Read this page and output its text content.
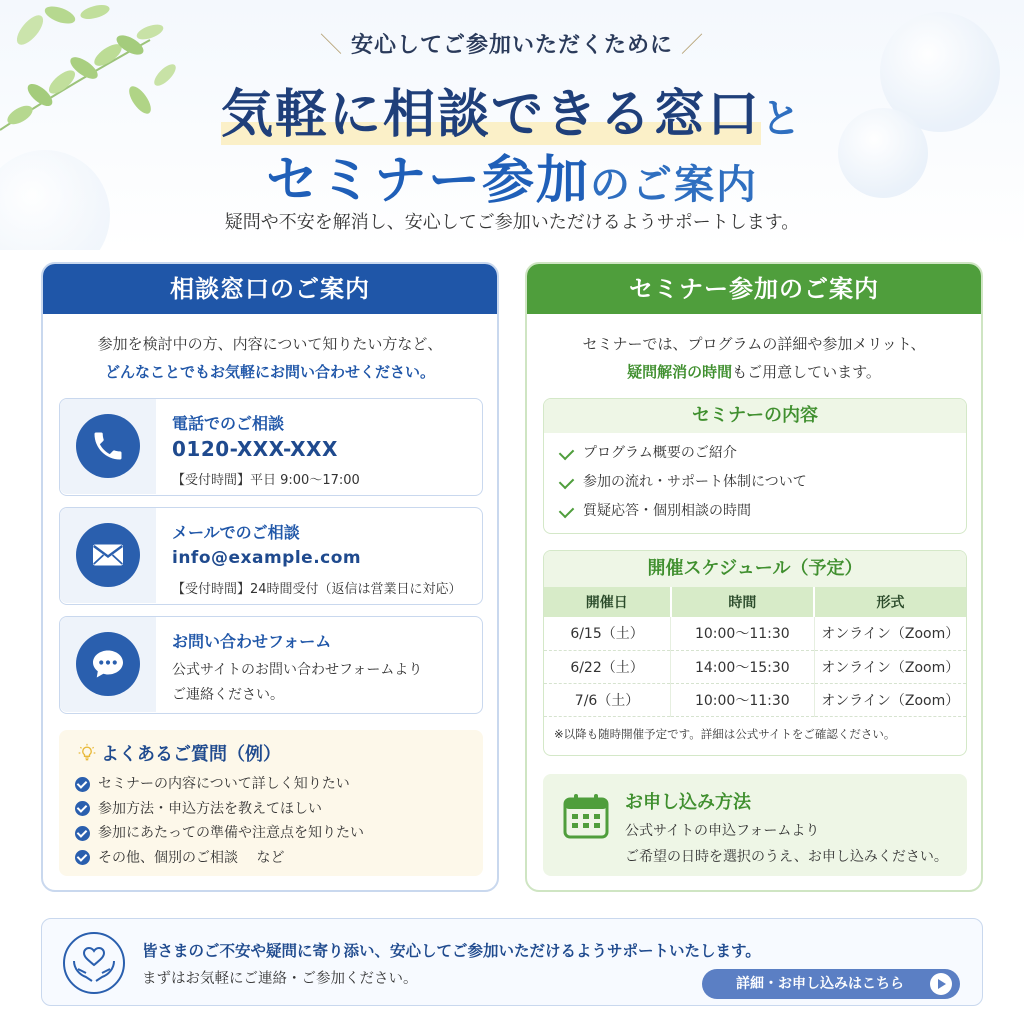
＼ 安心してご参加いただくために ／
気軽に相談できる窓口と
セミナー参加のご案内
疑問や不安を解消し、安心してご参加いただけるようサポートします。
相談窓口のご案内
参加を検討中の方、内容について知りたい方など、
どんなことでもお気軽にお問い合わせください。
電話でのご相談
0120-XXX-XXX
【受付時間】平日 9:00～17:00
メールでのご相談
info@example.com
【受付時間】24時間受付（返信は営業日に対応）
お問い合わせフォーム
公式サイトのお問い合わせフォームより
ご連絡ください。
よくあるご質問（例）
セミナーの内容について詳しく知りたい
参加方法・申込方法を教えてほしい
参加にあたっての準備や注意点を知りたい
その他、個別のご相談　 など
セミナー参加のご案内
セミナーでは、プログラムの詳細や参加メリット、
疑問解消の時間もご用意しています。
セミナーの内容
プログラム概要のご紹介
参加の流れ・サポート体制について
質疑応答・個別相談の時間
開催スケジュール（予定）
開催日	時間	形式
6/15（土）	10:00～11:30	オンライン（Zoom）
6/22（土）	14:00～15:30	オンライン（Zoom）
7/6（土）	10:00～11:30	オンライン（Zoom）
※以降も随時開催予定です。詳細は公式サイトをご確認ください。
お申し込み方法
公式サイトの申込フォームより
ご希望の日時を選択のうえ、お申し込みください。
皆さまのご不安や疑問に寄り添い、安心してご参加いただけるようサポートいたします。
まずはお気軽にご連絡・ご参加ください。	詳細・お申し込みはこちら
